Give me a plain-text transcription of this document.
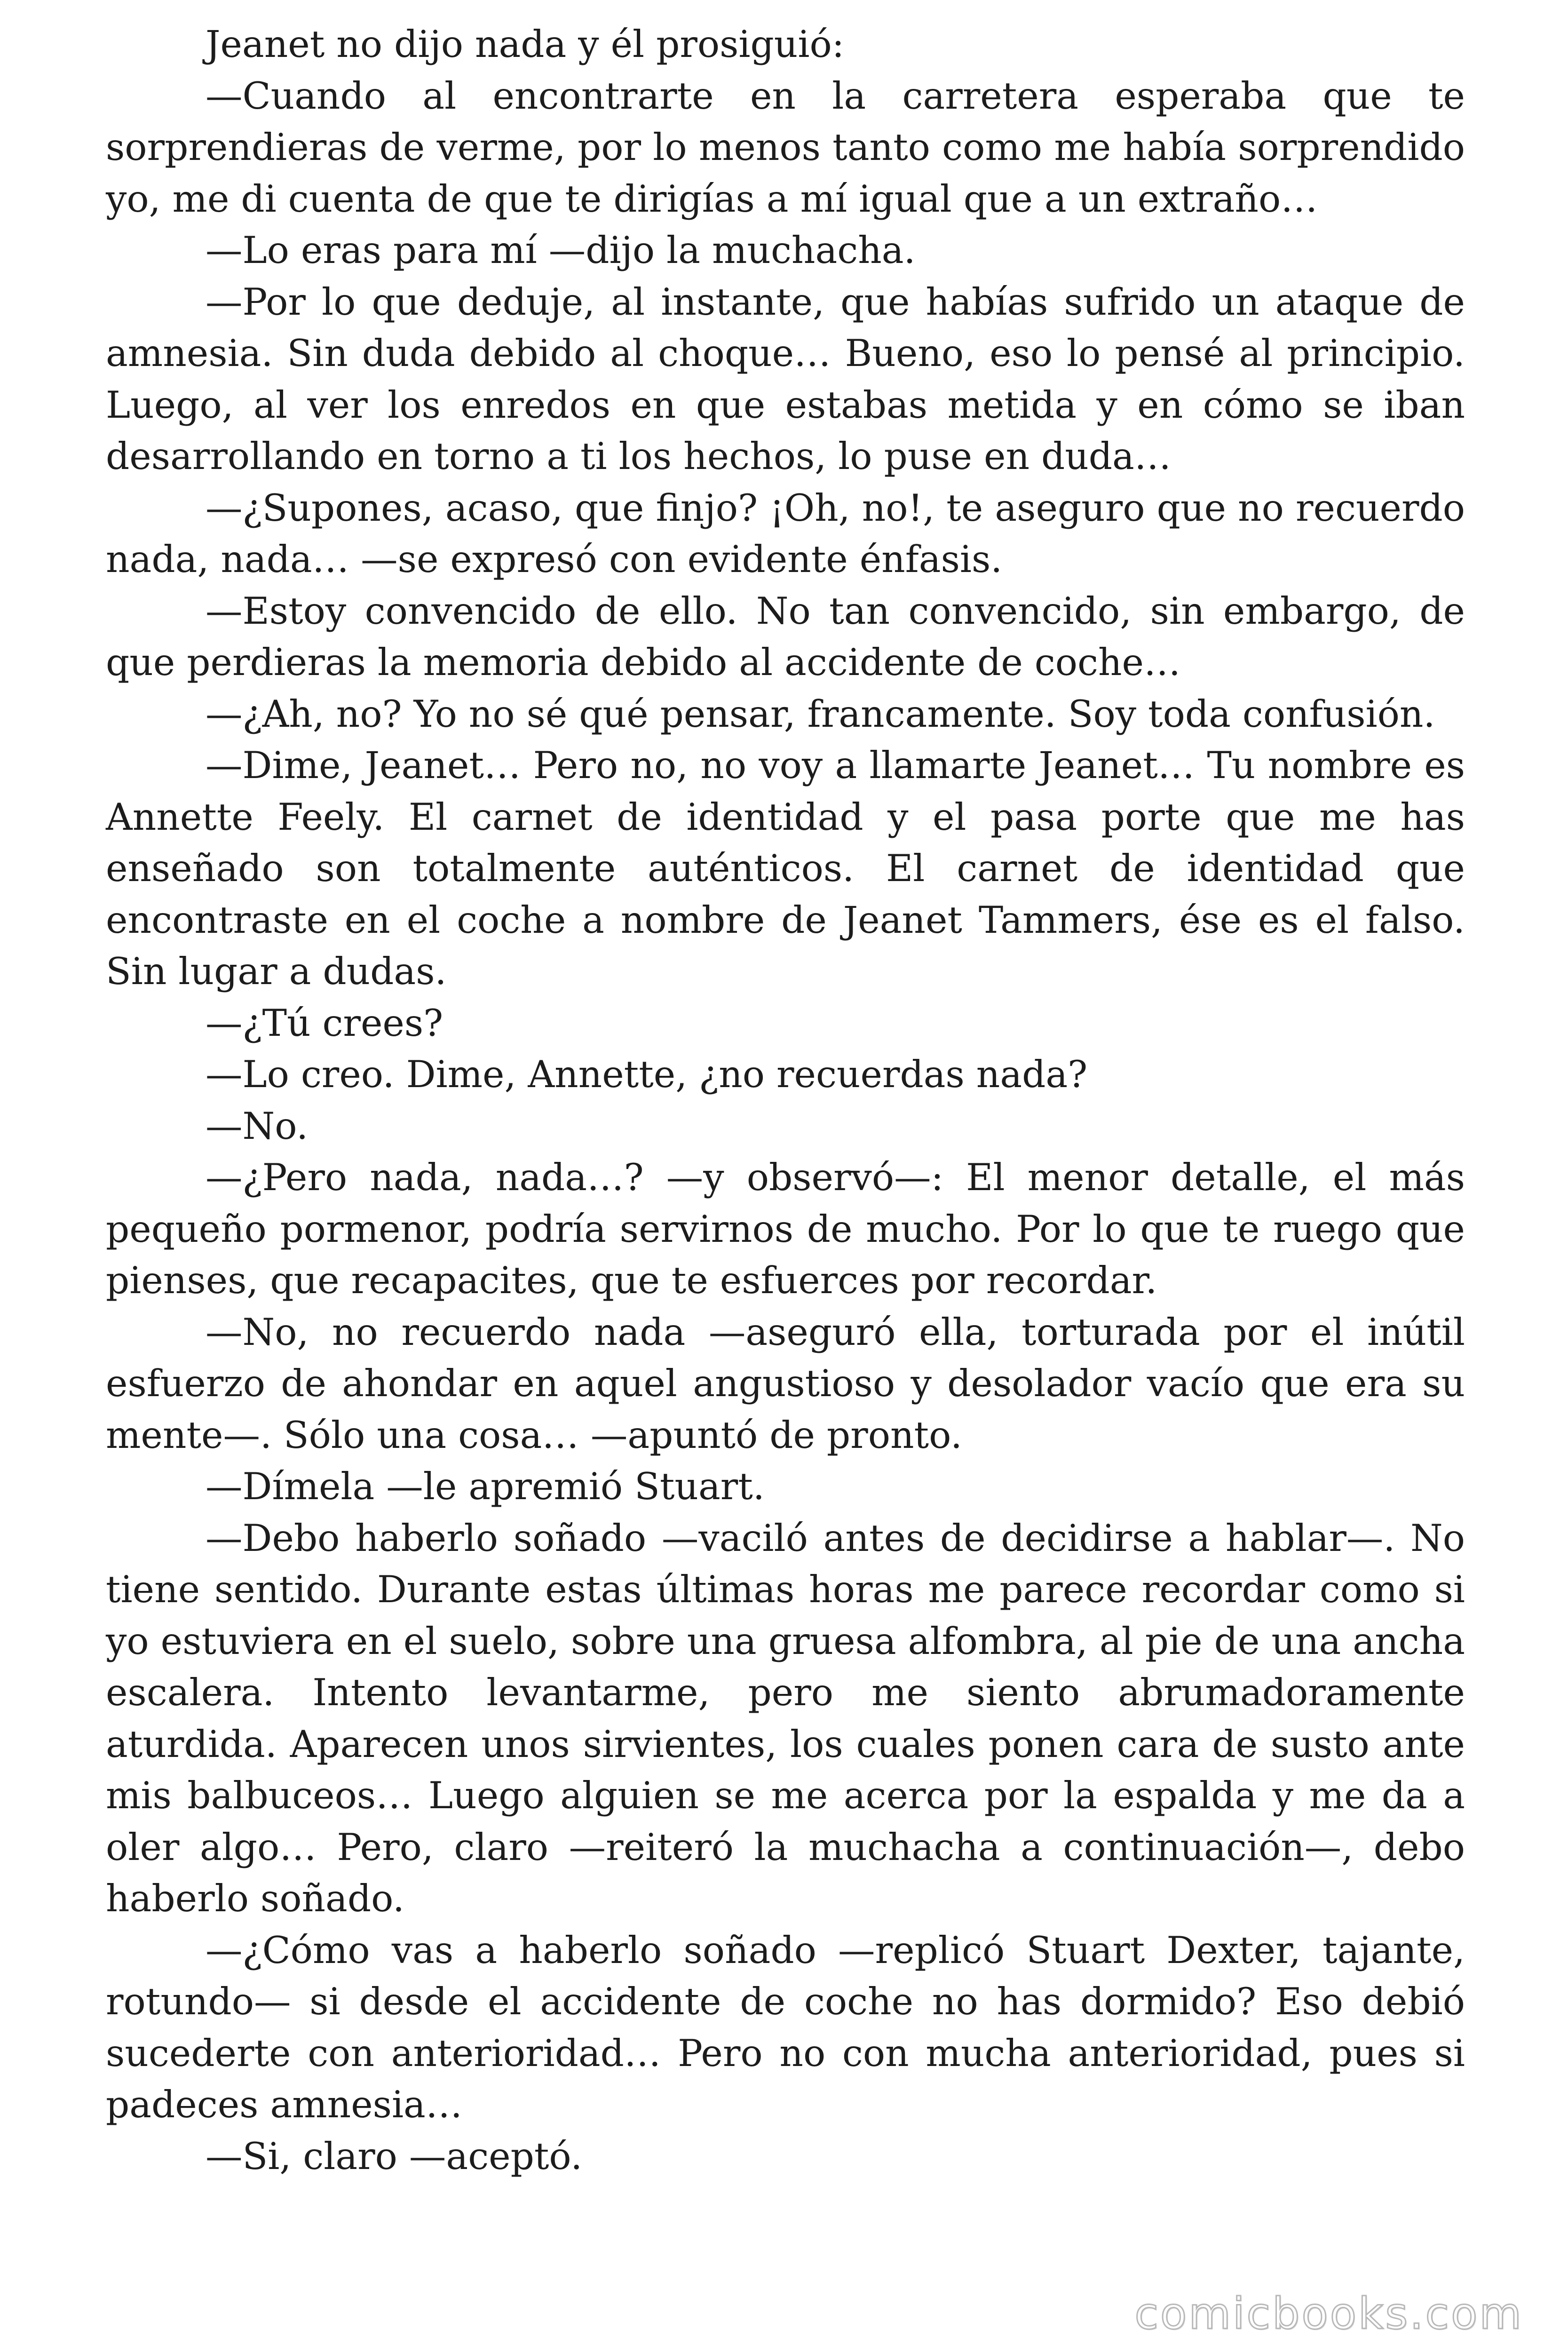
Jeanet no dijo nada y él prosiguió:

—Cuando al encontrarte en la carretera esperaba que te sorprendieras de verme, por lo menos tanto como me había sorprendido yo, me di cuenta de que te dirigías a mí igual que a un extraño…

—Lo eras para mí —dijo la muchacha.

—Por lo que deduje, al instante, que habías sufrido un ataque de amnesia. Sin duda debido al choque… Bueno, eso lo pensé al principio. Luego, al ver los enredos en que estabas metida y en cómo se iban desarrollando en torno a ti los hechos, lo puse en duda…

—¿Supones, acaso, que finjo? ¡Oh, no!, te aseguro que no recuerdo nada, nada… —se expresó con evidente énfasis.

—Estoy convencido de ello. No tan convencido, sin embargo, de que perdieras la memoria debido al accidente de coche…

—¿Ah, no? Yo no sé qué pensar, francamente. Soy toda confusión.

—Dime, Jeanet… Pero no, no voy a llamarte Jeanet… Tu nombre es Annette Feely. El carnet de identidad y el pasa porte que me has enseñado son totalmente auténticos. El carnet de identidad que encontraste en el coche a nombre de Jeanet Tammers, ése es el falso. Sin lugar a dudas.

—¿Tú crees?

—Lo creo. Dime, Annette, ¿no recuerdas nada?

—No.

—¿Pero nada, nada…? —y observó—: El menor detalle, el más pequeño pormenor, podría servirnos de mucho. Por lo que te ruego que pienses, que recapacites, que te esfuerces por recordar.

—No, no recuerdo nada —aseguró ella, torturada por el inútil esfuerzo de ahondar en aquel angustioso y desolador vacío que era su mente—. Sólo una cosa… —apuntó de pronto.

—Dímela —le apremió Stuart.

—Debo haberlo soñado —vaciló antes de decidirse a hablar—. No tiene sentido. Durante estas últimas horas me parece recordar como si yo estuviera en el suelo, sobre una gruesa alfombra, al pie de una ancha escalera. Intento levantarme, pero me siento abrumadoramente aturdida. Aparecen unos sirvientes, los cuales ponen cara de susto ante mis balbuceos… Luego alguien se me acerca por la espalda y me da a oler algo… Pero, claro —reiteró la muchacha a continuación—, debo haberlo soñado.

—¿Cómo vas a haberlo soñado —replicó Stuart Dexter, tajante, rotundo— si desde el accidente de coche no has dormido? Eso debió sucederte con anterioridad… Pero no con mucha anterioridad, pues si padeces amnesia…

—Si, claro —aceptó.

comicbooks.com
